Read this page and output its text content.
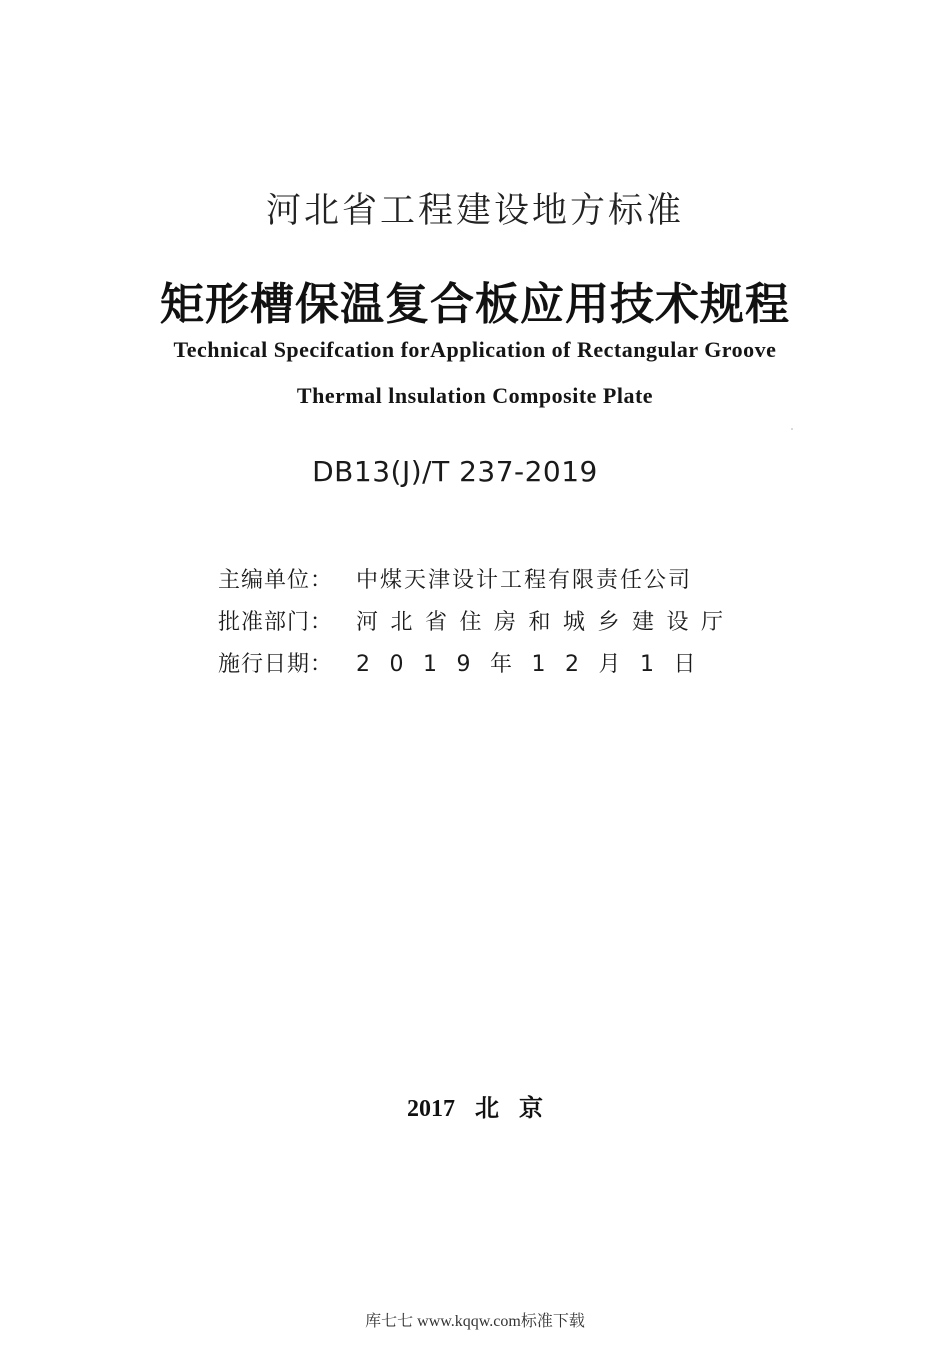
河北省工程建设地方标准
矩形槽保温复合板应用技术规程
Technical Specifcation forApplication of Rectangular Groove
Thermal lnsulation Composite Plate
DB13(J)/T 237-2019
主编单位：	中煤天津设计工程有限责任公司
批准部门：	河北省住房和城乡建设厅
施行日期：	2019年12月1日
2017 北 京
库七七 www.kqqw.com标准下载
